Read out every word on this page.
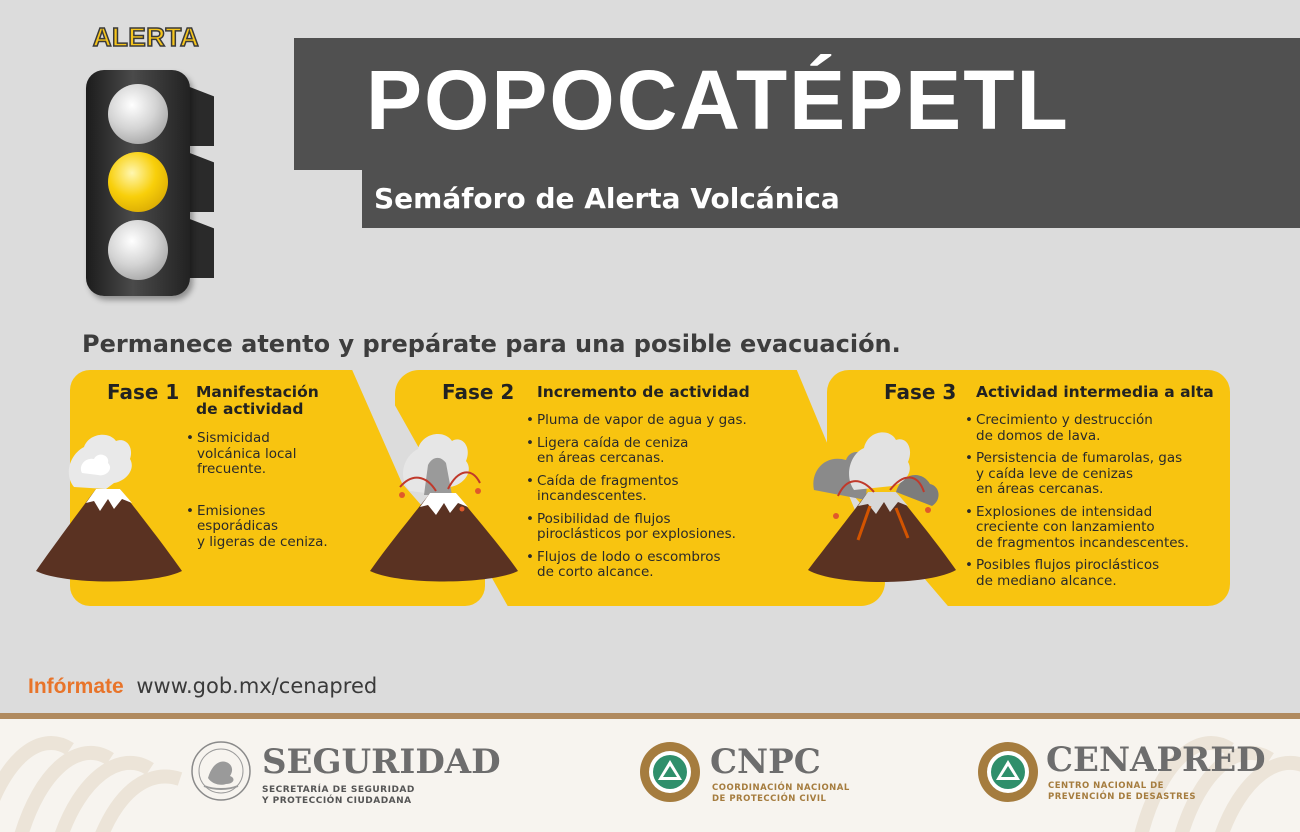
ALERTA
POPOCATÉPETL
Semáforo de Alerta Volcánica
Permanece atento y prepárate para una posible evacuación.
Fase 1 Manifestación
de actividad
• Sismicidad
volcánica local
frecuente.
• Emisiones
esporádicas
y ligeras de ceniza.
Fase 2 Incremento de actividad
• Pluma de vapor de agua y gas.
• Ligera caída de ceniza
en áreas cercanas.
• Caída de fragmentos
incandescentes.
• Posibilidad de flujos
piroclásticos por explosiones.
• Flujos de lodo o escombros
de corto alcance.
Fase 3 Actividad intermedia a alta
• Crecimiento y destrucción
de domos de lava.
• Persistencia de fumarolas, gas
y caída leve de cenizas
en áreas cercanas.
• Explosiones de intensidad
creciente con lanzamiento
de fragmentos incandescentes.
• Posibles flujos piroclásticos
de mediano alcance.
Infórmate www.gob.mx/cenapred
SEGURIDAD
SECRETARÍA DE SEGURIDAD
Y PROTECCIÓN CIUDADANA
CNPC
COORDINACIÓN NACIONAL
DE PROTECCIÓN CIVIL
CENAPRED
CENTRO NACIONAL DE
PREVENCIÓN DE DESASTRES
